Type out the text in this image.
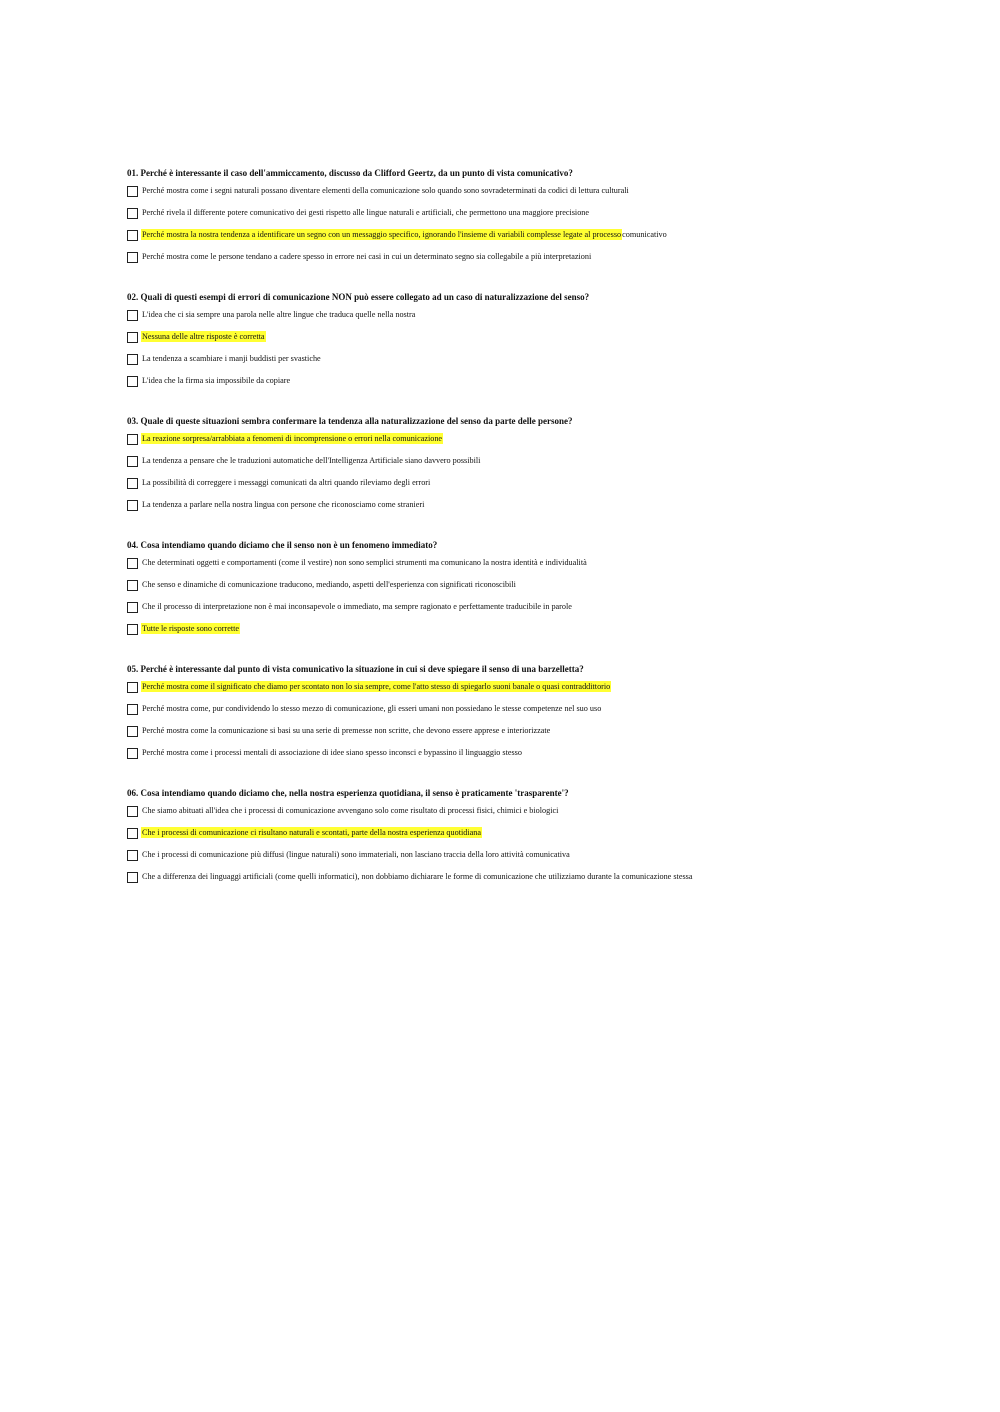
01. Perché è interessante il caso dell'ammiccamento, discusso da Clifford Geertz, da un punto di vista comunicativo?
Perché mostra come i segni naturali possano diventare elementi della comunicazione solo quando sono sovradeterminati da codici di lettura culturali
Perché rivela il differente potere comunicativo dei gesti rispetto alle lingue naturali e artificiali, che permettono una maggiore precisione
Perché mostra la nostra tendenza a identificare un segno con un messaggio specifico, ignorando l'insieme di variabili complesse legate al processo comunicativo
Perché mostra come le persone tendano a cadere spesso in errore nei casi in cui un determinato segno sia collegabile a più interpretazioni
02. Quali di questi esempi di errori di comunicazione NON può essere collegato ad un caso di naturalizzazione del senso?
L'idea che ci sia sempre una parola nelle altre lingue che traduca quelle nella nostra
Nessuna delle altre risposte è corretta
La tendenza a scambiare i manji buddisti per svastiche
L'idea che la firma sia impossibile da copiare
03. Quale di queste situazioni sembra confermare la tendenza alla naturalizzazione del senso da parte delle persone?
La reazione sorpresa/arrabbiata a fenomeni di incomprensione o errori nella comunicazione
La tendenza a pensare che le traduzioni automatiche dell'Intelligenza Artificiale siano davvero possibili
La possibilità di correggere i messaggi comunicati da altri quando rileviamo degli errori
La tendenza a parlare nella nostra lingua con persone che riconosciamo come stranieri
04. Cosa intendiamo quando diciamo che il senso non è un fenomeno immediato?
Che determinati oggetti e comportamenti (come il vestire) non sono semplici strumenti ma comunicano la nostra identità e individualità
Che senso e dinamiche di comunicazione traducono, mediando, aspetti dell'esperienza con significati riconoscibili
Che il processo di interpretazione non è mai inconsapevole o immediato, ma sempre ragionato e perfettamente traducibile in parole
Tutte le risposte sono corrette
05. Perché è interessante dal punto di vista comunicativo la situazione in cui si deve spiegare il senso di una barzelletta?
Perché mostra come il significato che diamo per scontato non lo sia sempre, come l'atto stesso di spiegarlo suoni banale o quasi contraddittorio
Perché mostra come, pur condividendo lo stesso mezzo di comunicazione, gli esseri umani non possiedano le stesse competenze nel suo uso
Perché mostra come la comunicazione si basi su una serie di premesse non scritte, che devono essere apprese e interiorizzate
Perché mostra come i processi mentali di associazione di idee siano spesso inconsci e bypassino il linguaggio stesso
06. Cosa intendiamo quando diciamo che, nella nostra esperienza quotidiana, il senso è praticamente 'trasparente'?
Che siamo abituati all'idea che i processi di comunicazione avvengano solo come risultato di processi fisici, chimici e biologici
Che i processi di comunicazione ci risultano naturali e scontati, parte della nostra esperienza quotidiana
Che i processi di comunicazione più diffusi (lingue naturali) sono immateriali, non lasciano traccia della loro attività comunicativa
Che a differenza dei linguaggi artificiali (come quelli informatici), non dobbiamo dichiarare le forme di comunicazione che utilizziamo durante la comunicazione stessa
